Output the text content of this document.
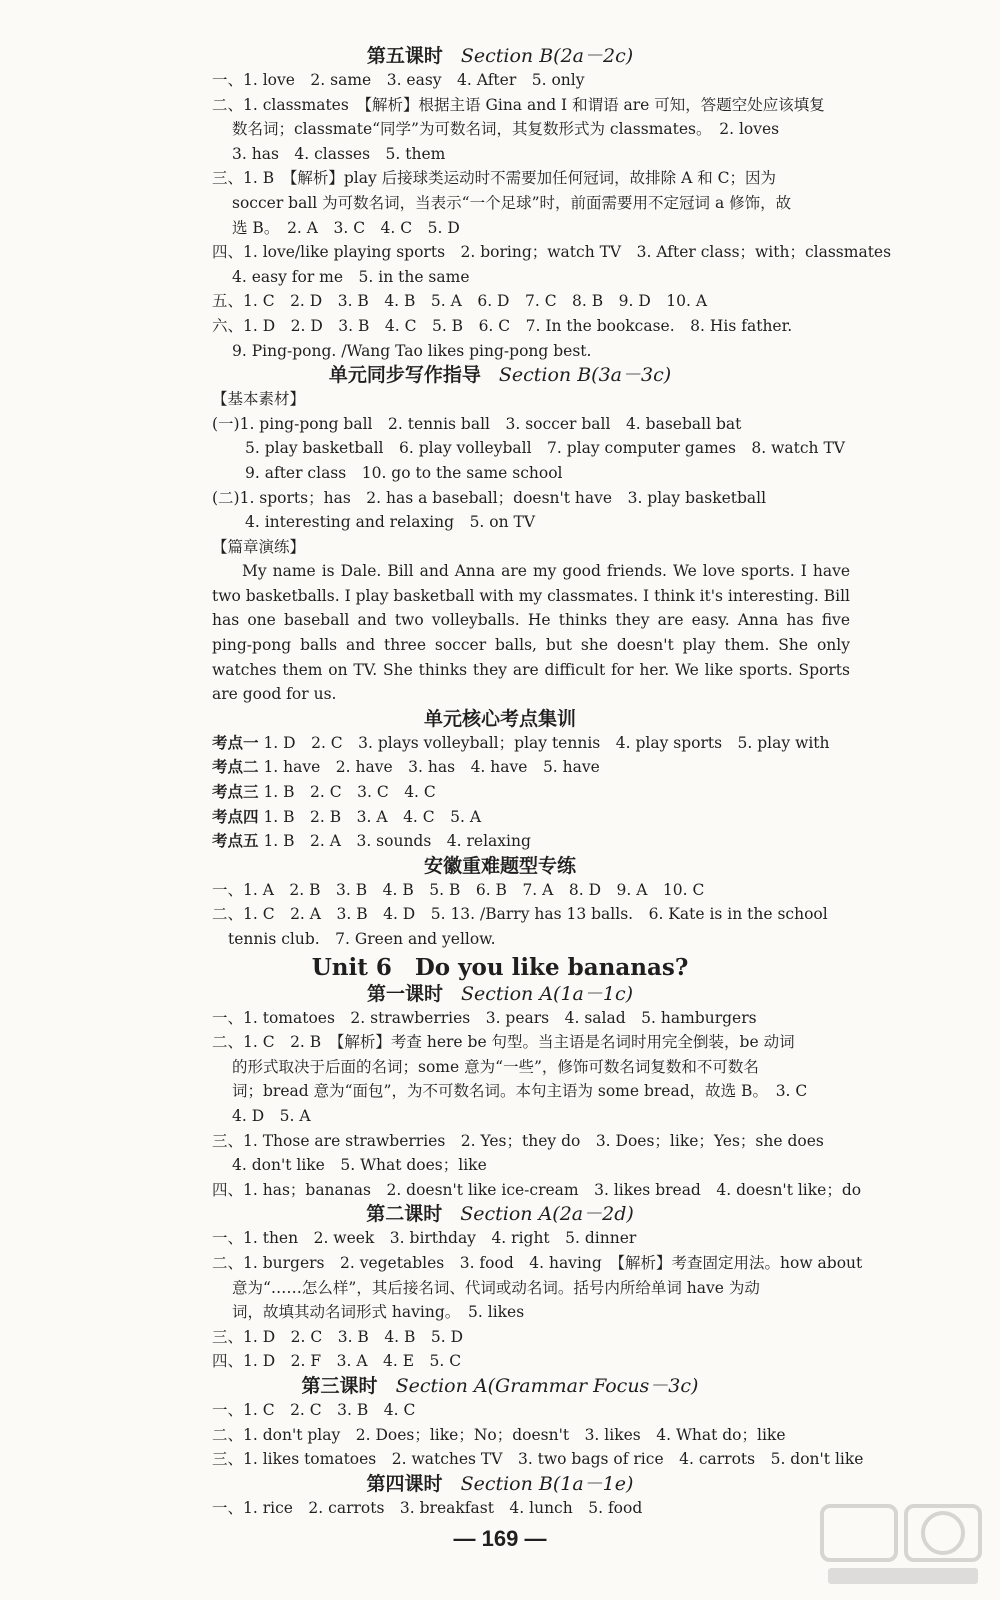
第五课时 Section B(2a－2c)
一、1. love　2. same　3. easy　4. After　5. only
二、1. classmates　【解析】根据主语 Gina and I 和谓语 are 可知，答题空处应该填复
数名词；classmate“同学”为可数名词，其复数形式为 classmates。　2. loves
3. has　4. classes　5. them
三、1. B　【解析】play 后接球类运动时不需要加任何冠词，故排除 A 和 C；因为
soccer ball 为可数名词，当表示“一个足球”时，前面需要用不定冠词 a 修饰，故
选 B。　2. A　3. C　4. C　5. D
四、1. love/like playing sports　2. boring；watch TV　3. After class；with；classmates
4. easy for me　5. in the same
五、1. C　2. D　3. B　4. B　5. A　6. D　7. C　8. B　9. D　10. A
六、1. D　2. D　3. B　4. C　5. B　6. C　7. In the bookcase.　8. His father.
9. Ping-pong. /Wang Tao likes ping-pong best.
单元同步写作指导 Section B(3a－3c)
【基本素材】
(一)1. ping-pong ball　2. tennis ball　3. soccer ball　4. baseball bat
5. play basketball　6. play volleyball　7. play computer games　8. watch TV
9. after class　10. go to the same school
(二)1. sports；has　2. has a baseball；doesn't have　3. play basketball
4. interesting and relaxing　5. on TV
【篇章演练】
My name is Dale. Bill and Anna are my good friends. We love sports. I have two basketballs. I play basketball with my classmates. I think it's interesting. Bill has one baseball and two volleyballs. He thinks they are easy. Anna has five ping-pong balls and three soccer balls, but she doesn't play them. She only watches them on TV. She thinks they are difficult for her. We like sports. Sports are good for us.
单元核心考点集训
考点一 1. D　2. C　3. plays volleyball；play tennis　4. play sports　5. play with
考点二 1. have　2. have　3. has　4. have　5. have
考点三 1. B　2. C　3. C　4. C
考点四 1. B　2. B　3. A　4. C　5. A
考点五 1. B　2. A　3. sounds　4. relaxing
安徽重难题型专练
一、1. A　2. B　3. B　4. B　5. B　6. B　7. A　8. D　9. A　10. C
二、1. C　2. A　3. B　4. D　5. 13. /Barry has 13 balls.　6. Kate is in the school
tennis club.　7. Green and yellow.
Unit 6　Do you like bananas?
第一课时 Section A(1a－1c)
一、1. tomatoes　2. strawberries　3. pears　4. salad　5. hamburgers
二、1. C　2. B　【解析】考查 here be 句型。当主语是名词时用完全倒装，be 动词
的形式取决于后面的名词；some 意为“一些”，修饰可数名词复数和不可数名
词；bread 意为“面包”，为不可数名词。本句主语为 some bread，故选 B。　3. C
4. D　5. A
三、1. Those are strawberries　2. Yes；they do　3. Does；like；Yes；she does
4. don't like　5. What does；like
四、1. has；bananas　2. doesn't like ice-cream　3. likes bread　4. doesn't like；do
第二课时 Section A(2a－2d)
一、1. then　2. week　3. birthday　4. right　5. dinner
二、1. burgers　2. vegetables　3. food　4. having　【解析】考查固定用法。how about
意为“……怎么样”，其后接名词、代词或动名词。括号内所给单词 have 为动
词，故填其动名词形式 having。　5. likes
三、1. D　2. C　3. B　4. B　5. D
四、1. D　2. F　3. A　4. E　5. C
第三课时 Section A(Grammar Focus－3c)
一、1. C　2. C　3. B　4. C
二、1. don't play　2. Does；like；No；doesn't　3. likes　4. What do；like
三、1. likes tomatoes　2. watches TV　3. two bags of rice　4. carrots　5. don't like
第四课时 Section B(1a－1e)
一、1. rice　2. carrots　3. breakfast　4. lunch　5. food
— 169 —
